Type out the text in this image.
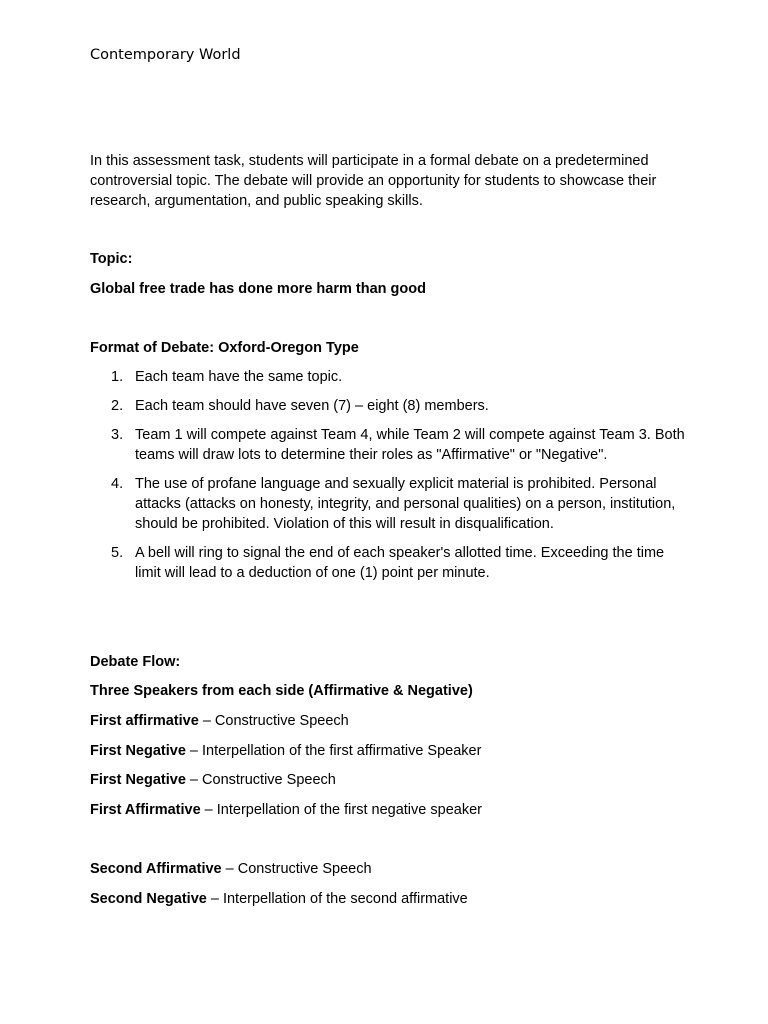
Contemporary World
In this assessment task, students will participate in a formal debate on a predetermined controversial topic. The debate will provide an opportunity for students to showcase their research, argumentation, and public speaking skills.
Topic:
Global free trade has done more harm than good
Format of Debate: Oxford-Oregon Type
1. Each team have the same topic.
2. Each team should have seven (7) – eight (8) members.
3. Team 1 will compete against Team 4, while Team 2 will compete against Team 3. Both teams will draw lots to determine their roles as "Affirmative" or "Negative".
4. The use of profane language and sexually explicit material is prohibited. Personal attacks (attacks on honesty, integrity, and personal qualities) on a person, institution, should be prohibited. Violation of this will result in disqualification.
5. A bell will ring to signal the end of each speaker's allotted time. Exceeding the time limit will lead to a deduction of one (1) point per minute.
Debate Flow:
Three Speakers from each side (Affirmative & Negative)
First affirmative – Constructive Speech
First Negative – Interpellation of the first affirmative Speaker
First Negative – Constructive Speech
First Affirmative – Interpellation of the first negative speaker
Second Affirmative – Constructive Speech
Second Negative – Interpellation of the second affirmative
